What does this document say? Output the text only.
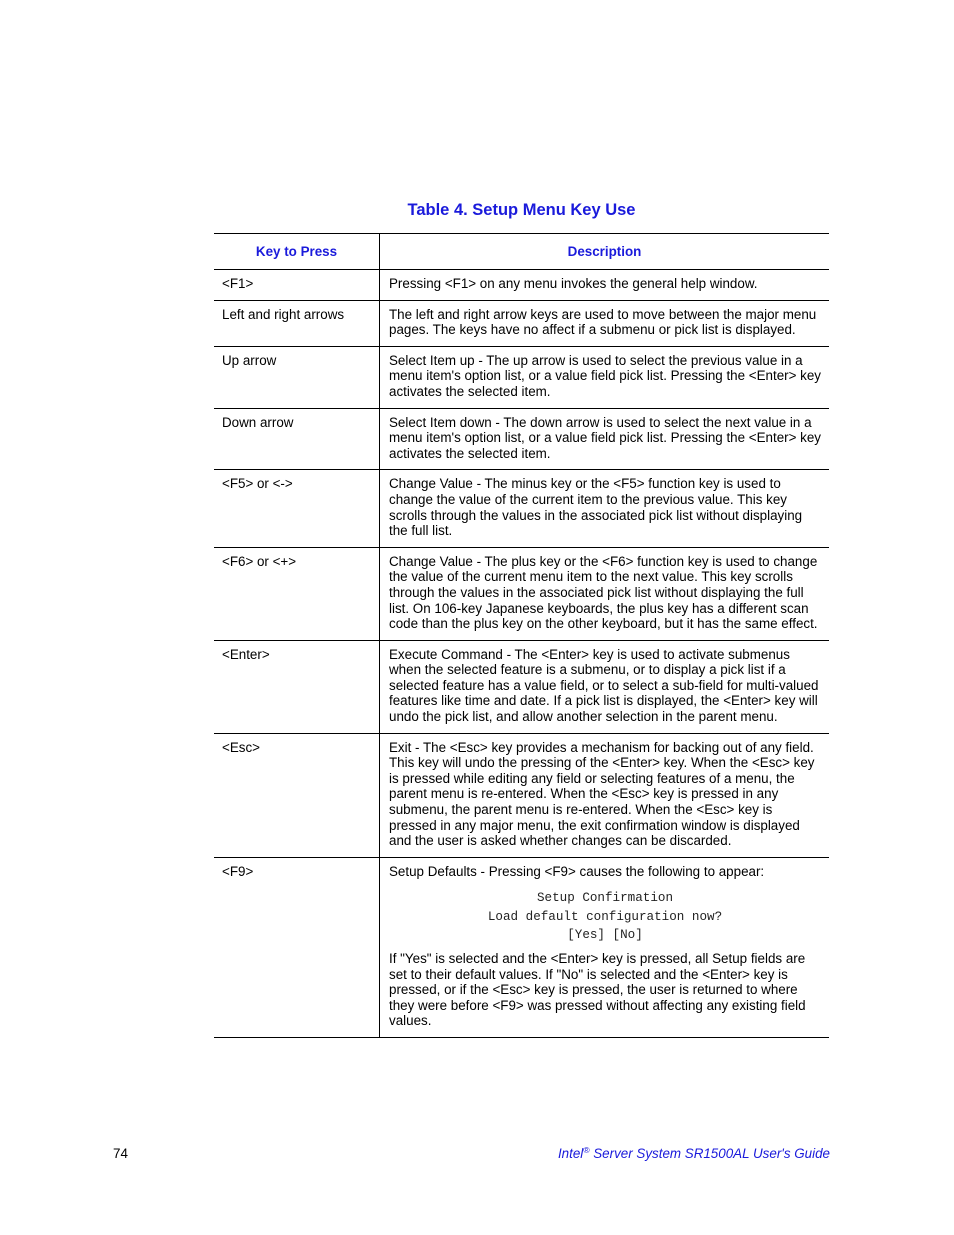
Table 4. Setup Menu Key Use
Key to Press	Description
<F1>	Pressing <F1> on any menu invokes the general help window.
Left and right arrows	The left and right arrow keys are used to move between the major menu pages. The keys have no affect if a submenu or pick list is displayed.
Up arrow	Select Item up - The up arrow is used to select the previous value in a menu item's option list, or a value field pick list. Pressing the <Enter> key activates the selected item.
Down arrow	Select Item down - The down arrow is used to select the next value in a menu item's option list, or a value field pick list. Pressing the <Enter> key activates the selected item.
<F5> or <->	Change Value - The minus key or the <F5> function key is used to change the value of the current item to the previous value. This key scrolls through the values in the associated pick list without displaying the full list.
<F6> or <+>	Change Value - The plus key or the <F6> function key is used to change the value of the current menu item to the next value. This key scrolls through the values in the associated pick list without displaying the full list. On 106-key Japanese keyboards, the plus key has a different scan code than the plus key on the other keyboard, but it has the same effect.
<Enter>	Execute Command - The <Enter> key is used to activate submenus when the selected feature is a submenu, or to display a pick list if a selected feature has a value field, or to select a sub-field for multi-valued features like time and date. If a pick list is displayed, the <Enter> key will undo the pick list, and allow another selection in the parent menu.
<Esc>	Exit - The <Esc> key provides a mechanism for backing out of any field. This key will undo the pressing of the <Enter> key. When the <Esc> key is pressed while editing any field or selecting features of a menu, the parent menu is re-entered. When the <Esc> key is pressed in any submenu, the parent menu is re-entered. When the <Esc> key is pressed in any major menu, the exit confirmation window is displayed and the user is asked whether changes can be discarded.
<F9>	Setup Defaults - Pressing <F9> causes the following to appear:
Setup Confirmation
Load default configuration now?
[Yes] [No]
If "Yes" is selected and the <Enter> key is pressed, all Setup fields are set to their default values. If "No" is selected and the <Enter> key is pressed, or if the <Esc> key is pressed, the user is returned to where they were before <F9> was pressed without affecting any existing field values.
74	Intel® Server System SR1500AL User's Guide
